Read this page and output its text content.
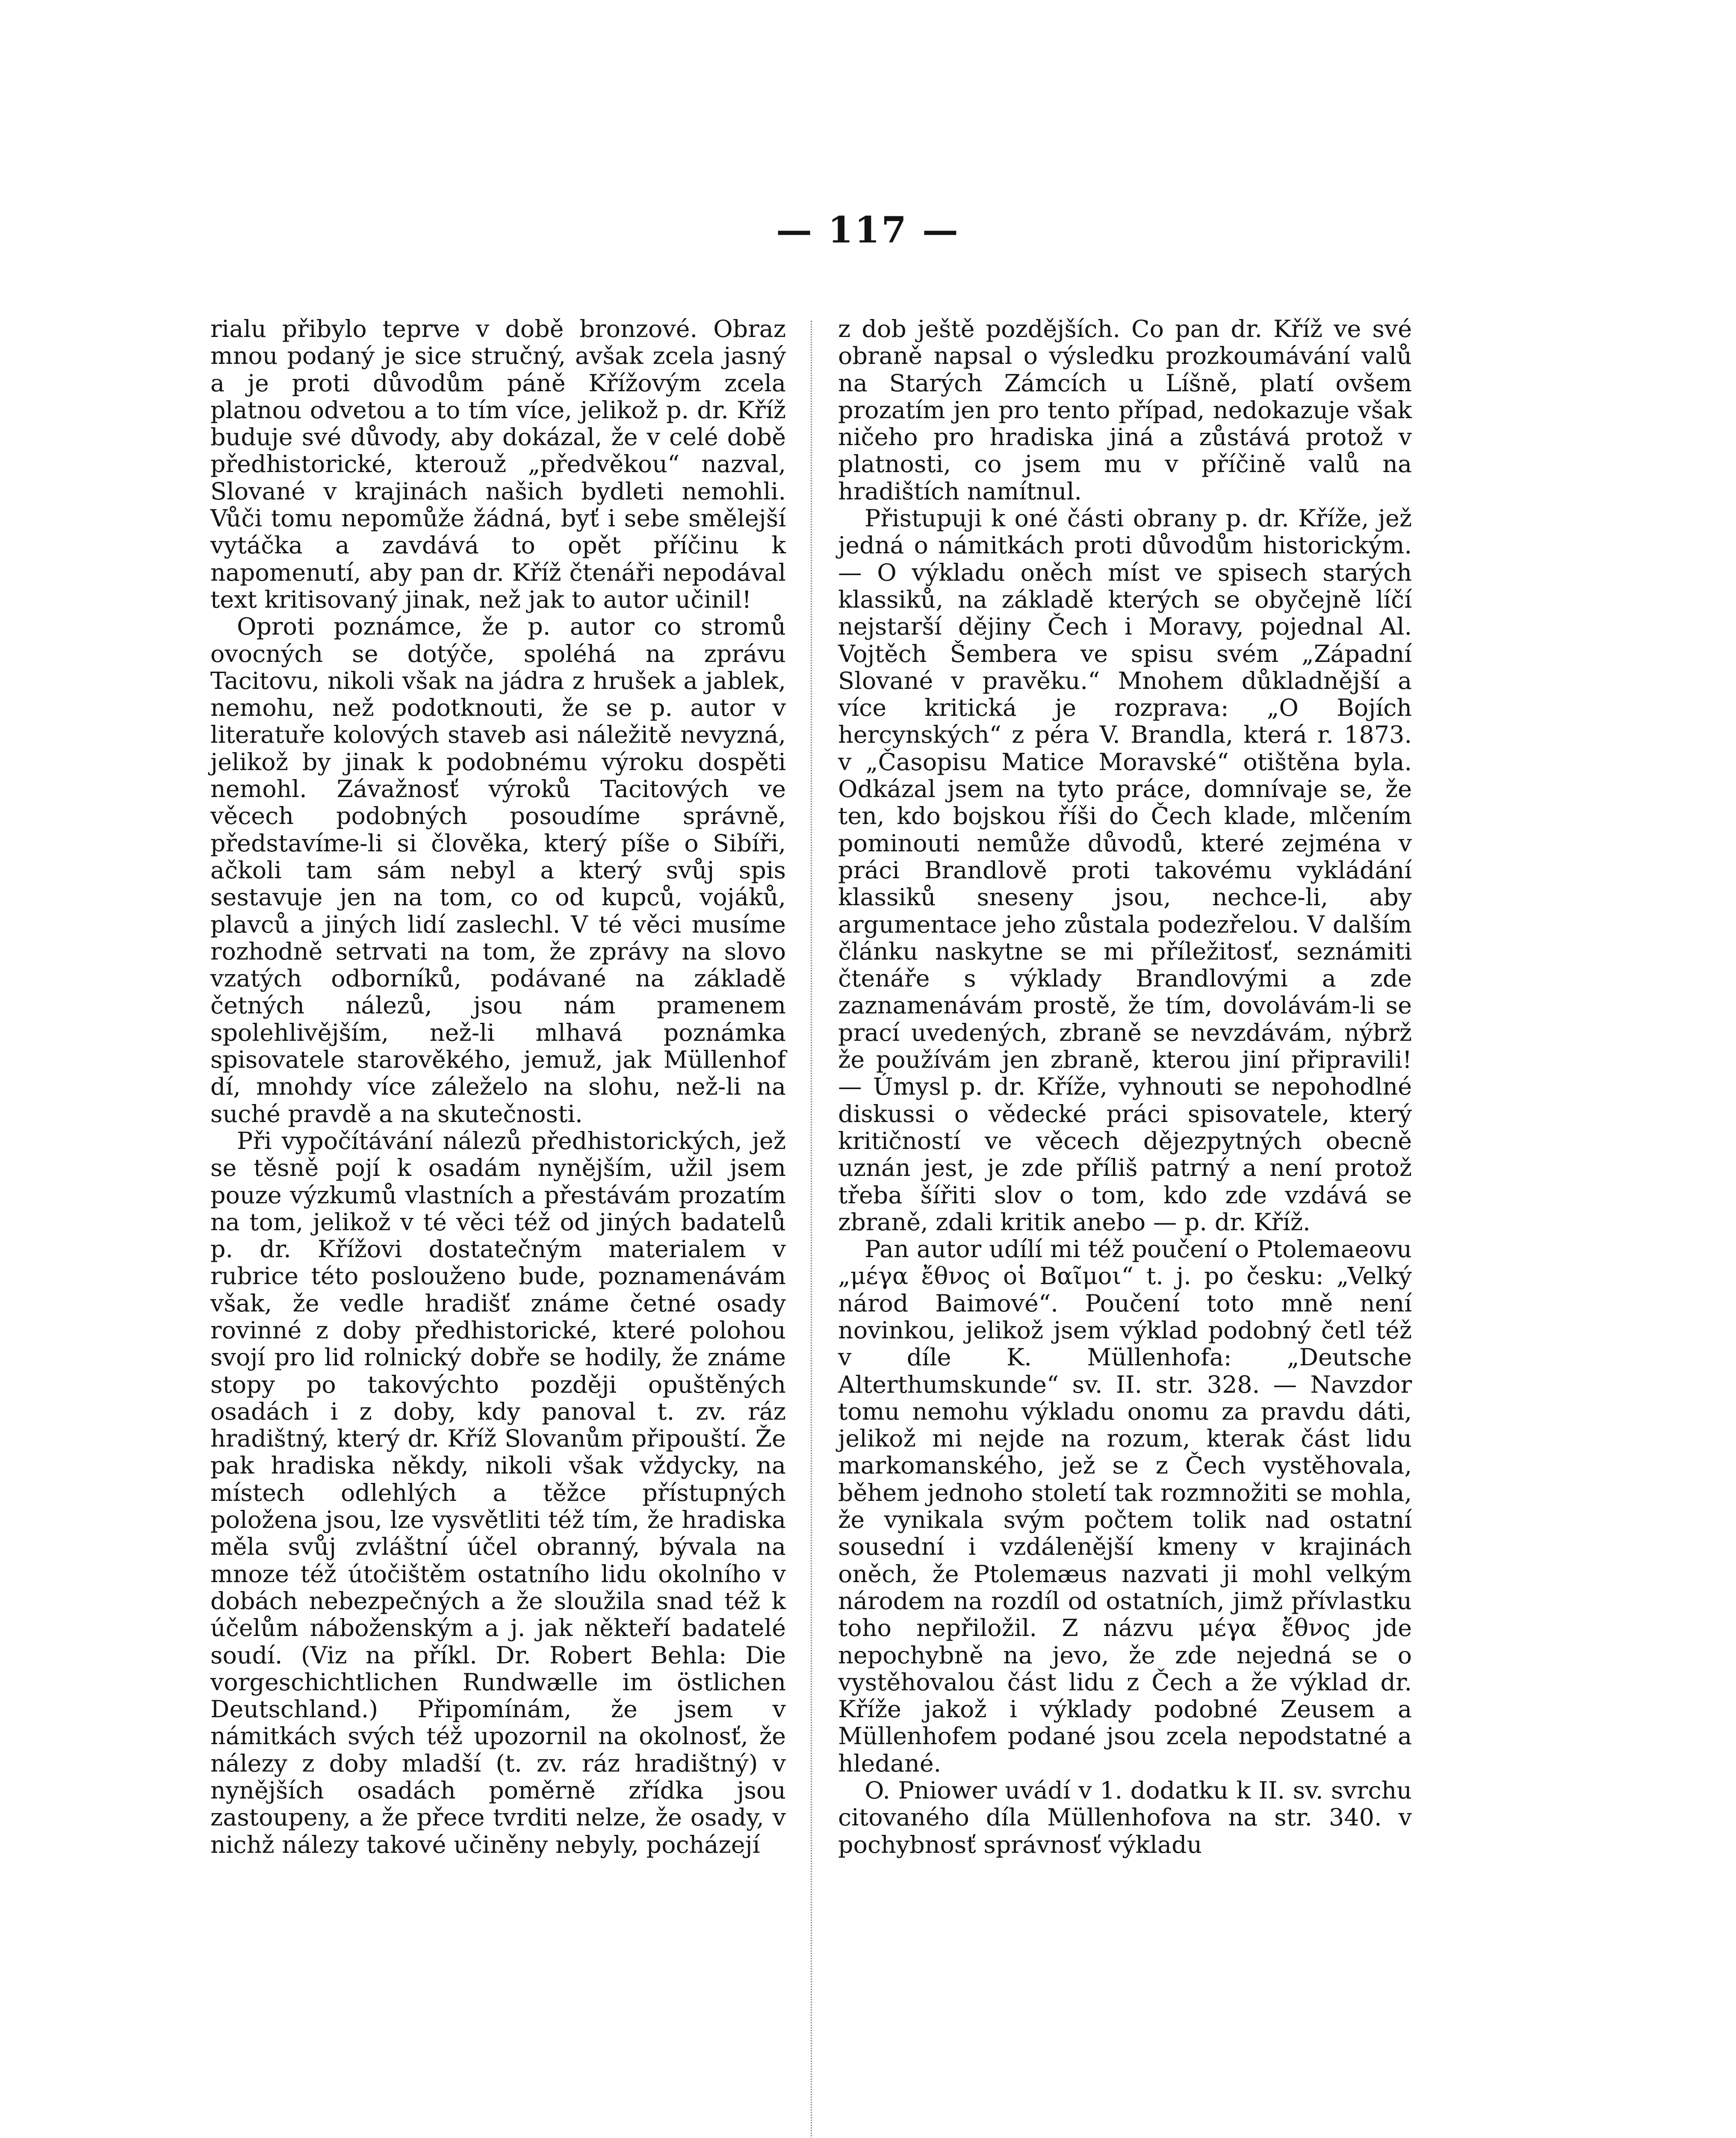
— 117 —

rialu přibylo teprve v době bronzové. Obraz mnou podaný je sice stručný, avšak zcela jasný a je proti důvodům páně Křížovým zcela platnou odvetou a to tím více, jelikož p. dr. Kříž buduje své důvody, aby dokázal, že v celé době předhistorické, kterouž „předvěkou“ nazval, Slované v krajinách našich bydleti nemohli. Vůči tomu nepomůže žádná, byť i sebe smělejší vytáčka a zavdává to opět příčinu k napomenutí, aby pan dr. Kříž čtenáři nepodával text kritisovaný jinak, než jak to autor učinil!

Oproti poznámce, že p. autor co stromů ovocných se dotýče, spoléhá na zprávu Tacitovu, nikoli však na jádra z hrušek a jablek, nemohu, než podotknouti, že se p. autor v literatuře kolových staveb asi náležitě nevyzná, jelikož by jinak k podobnému výroku dospěti nemohl. Závažnosť výroků Tacitových ve věcech podobných posoudíme správně, představíme-li si člověka, který píše o Sibíři, ačkoli tam sám nebyl a který svůj spis sestavuje jen na tom, co od kupců, vojáků, plavců a jiných lidí zaslechl. V té věci musíme rozhodně setrvati na tom, že zprávy na slovo vzatých odborníků, podávané na základě četných nálezů, jsou nám pramenem spolehlivějším, než-li mlhavá poznámka spisovatele starověkého, jemuž, jak Müllenhof dí, mnohdy více záleželo na slohu, než-li na suché pravdě a na skutečnosti.

Při vypočítávání nálezů předhistorických, jež se těsně pojí k osadám nynějším, užil jsem pouze výzkumů vlastních a přestávám prozatím na tom, jelikož v té věci též od jiných badatelů p. dr. Křížovi dostatečným materialem v rubrice této poslouženo bude, poznamenávám však, že vedle hradišť známe četné osady rovinné z doby předhistorické, které polohou svojí pro lid rolnický dobře se hodily, že známe stopy po takovýchto později opuštěných osadách i z doby, kdy panoval t. zv. ráz hradištný, který dr. Kříž Slovanům připouští. Že pak hradiska někdy, nikoli však vždycky, na místech odlehlých a těžce přístupných položena jsou, lze vysvětliti též tím, že hradiska měla svůj zvláštní účel obranný, bývala na mnoze též útočištěm ostatního lidu okolního v dobách nebezpečných a že sloužila snad též k účelům náboženským a j. jak někteří badatelé soudí. (Viz na příkl. Dr. Robert Behla: Die vorgeschichtlichen Rundwælle im östlichen Deutschland.) Připomínám, že jsem v námitkách svých též upozornil na okolnosť, že nálezy z doby mladší (t. zv. ráz hradištný) v nynějších osadách poměrně zřídka jsou zastoupeny, a že přece tvrditi nelze, že osady, v nichž nálezy takové učiněny nebyly, pocházejí

z dob ještě pozdějších. Co pan dr. Kříž ve své obraně napsal o výsledku prozkoumávání valů na Starých Zámcích u Líšně, platí ovšem prozatím jen pro tento případ, nedokazuje však ničeho pro hradiska jiná a zůstává protož v platnosti, co jsem mu v příčině valů na hradištích namítnul.

Přistupuji k oné části obrany p. dr. Kříže, jež jedná o námitkách proti důvodům historickým. — O výkladu oněch míst ve spisech starých klassiků, na základě kterých se obyčejně líčí nejstarší dějiny Čech i Moravy, pojednal Al. Vojtěch Šembera ve spisu svém „Západní Slované v pravěku.“ Mnohem důkladnější a více kritická je rozprava: „O Bojích hercynských“ z péra V. Brandla, která r. 1873. v „Časopisu Matice Moravské“ otištěna byla. Odkázal jsem na tyto práce, domnívaje se, že ten, kdo bojskou říši do Čech klade, mlčením pominouti nemůže důvodů, které zejména v práci Brandlově proti takovému vykládání klassiků sneseny jsou, nechce-li, aby argumentace jeho zůstala podezřelou. V dalším článku naskytne se mi příležitosť, seznámiti čtenáře s výklady Brandlovými a zde zaznamenávám prostě, že tím, dovolávám-li se prací uvedených, zbraně se nevzdávám, nýbrž že používám jen zbraně, kterou jiní připravili! — Úmysl p. dr. Kříže, vyhnouti se nepohodlné diskussi o vědecké práci spisovatele, který kritičností ve věcech dějezpytných obecně uznán jest, je zde příliš patrný a není protož třeba šířiti slov o tom, kdo zde vzdává se zbraně, zdali kritik anebo — p. dr. Kříž.

Pan autor udílí mi též poučení o Ptolemaeovu „μέγα ἔθνος οἱ Βαῖμοι“ t. j. po česku: „Velký národ Baimové“. Poučení toto mně není novinkou, jelikož jsem výklad podobný četl též v díle K. Müllenhofa: „Deutsche Alterthumskunde“ sv. II. str. 328. — Navzdor tomu nemohu výkladu onomu za pravdu dáti, jelikož mi nejde na rozum, kterak část lidu markomanského, jež se z Čech vystěhovala, během jednoho století tak rozmnožiti se mohla, že vynikala svým počtem tolik nad ostatní sousední i vzdálenější kmeny v krajinách oněch, že Ptolemæus nazvati ji mohl velkým národem na rozdíl od ostatních, jimž přívlastku toho nepřiložil. Z názvu μέγα ἔθνος jde nepochybně na jevo, že zde nejedná se o vystěhovalou část lidu z Čech a že výklad dr. Kříže jakož i výklady podobné Zeusem a Müllenhofem podané jsou zcela nepodstatné a hledané.

O. Pniower uvádí v 1. dodatku k II. sv. svrchu citovaného díla Müllenhofova na str. 340. v pochybnosť správnosť výkladu
